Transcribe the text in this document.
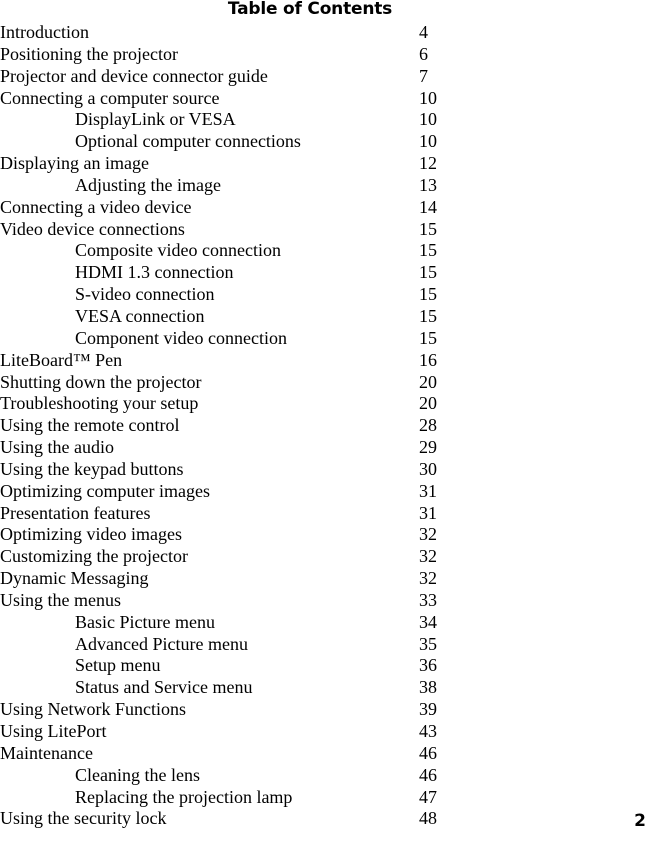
Table of Contents
Introduction	4
Positioning the projector	6
Projector and device connector guide	7
Connecting a computer source	10
DisplayLink or VESA	10
Optional computer connections	10
Displaying an image	12
Adjusting the image	13
Connecting a video device	14
Video device connections	15
Composite video connection	15
HDMI 1.3 connection	15
S-video connection	15
VESA connection	15
Component video connection	15
LiteBoard™ Pen	16
Shutting down the projector	20
Troubleshooting your setup	20
Using the remote control	28
Using the audio	29
Using the keypad buttons	30
Optimizing computer images	31
Presentation features	31
Optimizing video images	32
Customizing the projector	32
Dynamic Messaging	32
Using the menus	33
Basic Picture menu	34
Advanced Picture menu	35
Setup menu	36
Status and Service menu	38
Using Network Functions	39
Using LitePort	43
Maintenance	46
Cleaning the lens	46
Replacing the projection lamp	47
Using the security lock	48	2
